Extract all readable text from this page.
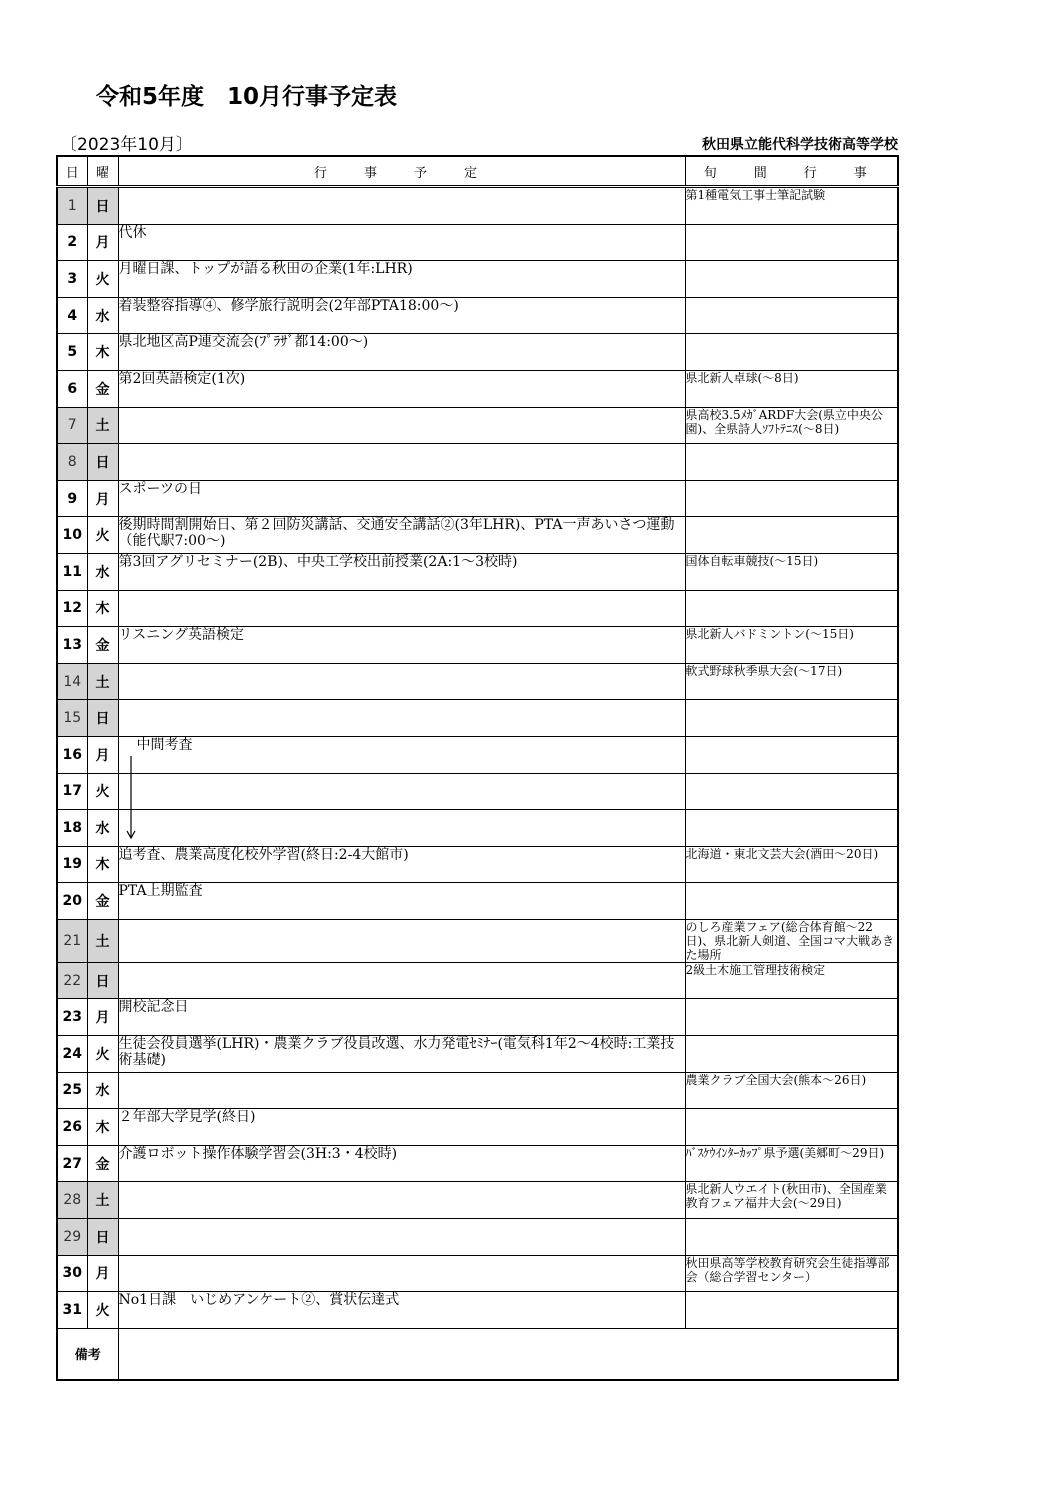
令和5年度　10月行事予定表
〔2023年10月〕	秋田県立能代科学技術高等学校
日	曜	行　事　予　定	旬　間　行　事
1	日		第1種電気工事士筆記試験
2	月	代休	
3	火	月曜日課、トップが語る秋田の企業(1年:LHR)	
4	水	着装整容指導④、修学旅行説明会(2年部PTA18:00～)	
5	木	県北地区高P連交流会(ﾌﾟﾗｻﾞ都14:00～)	
6	金	第2回英語検定(1次)	県北新人卓球(～8日)
7	土		県高校3.5ﾒｶﾞARDF大会(県立中央公園)、全県詩人ｿﾌﾄﾃﾆｽ(～8日)
8	日		
9	月	スポーツの日	
10	火	後期時間割開始日、第２回防災講話、交通安全講話②(3年LHR)、PTA一声あいさつ運動（能代駅7:00～)	
11	水	第3回アグリセミナー(2B)、中央工学校出前授業(2A:1～3校時)	国体自転車競技(～15日)
12	木		
13	金	リスニング英語検定	県北新人バドミントン(～15日)
14	土		軟式野球秋季県大会(～17日)
15	日		
16	月	中間考査	

17	火		
18	水		
19	木	追考査、農業高度化校外学習(終日:2-4大館市)	北海道・東北文芸大会(酒田～20日)
20	金	PTA上期監査	
21	土		のしろ産業フェア(総合体育館～22日)、県北新人剣道、全国コマ大戦あきた場所
22	日		2級土木施工管理技術検定
23	月	開校記念日	
24	火	生徒会役員選挙(LHR)・農業クラブ役員改選、水力発電ｾﾐﾅｰ(電気科1年2～4校時:工業技術基礎)	
25	水		農業クラブ全国大会(熊本～26日)
26	木	２年部大学見学(終日)	
27	金	介護ロボット操作体験学習会(3H:3・4校時)	ﾊﾞｽｹｳｲﾝﾀｰｶｯﾌﾟ県予選(美郷町～29日)
28	土		県北新人ウエイト(秋田市)、全国産業教育フェア福井大会(～29日)
29	日		
30	月		秋田県高等学校教育研究会生徒指導部会（総合学習センター）
31	火	No1日課　いじめアンケート②、賞状伝達式	
備考			
